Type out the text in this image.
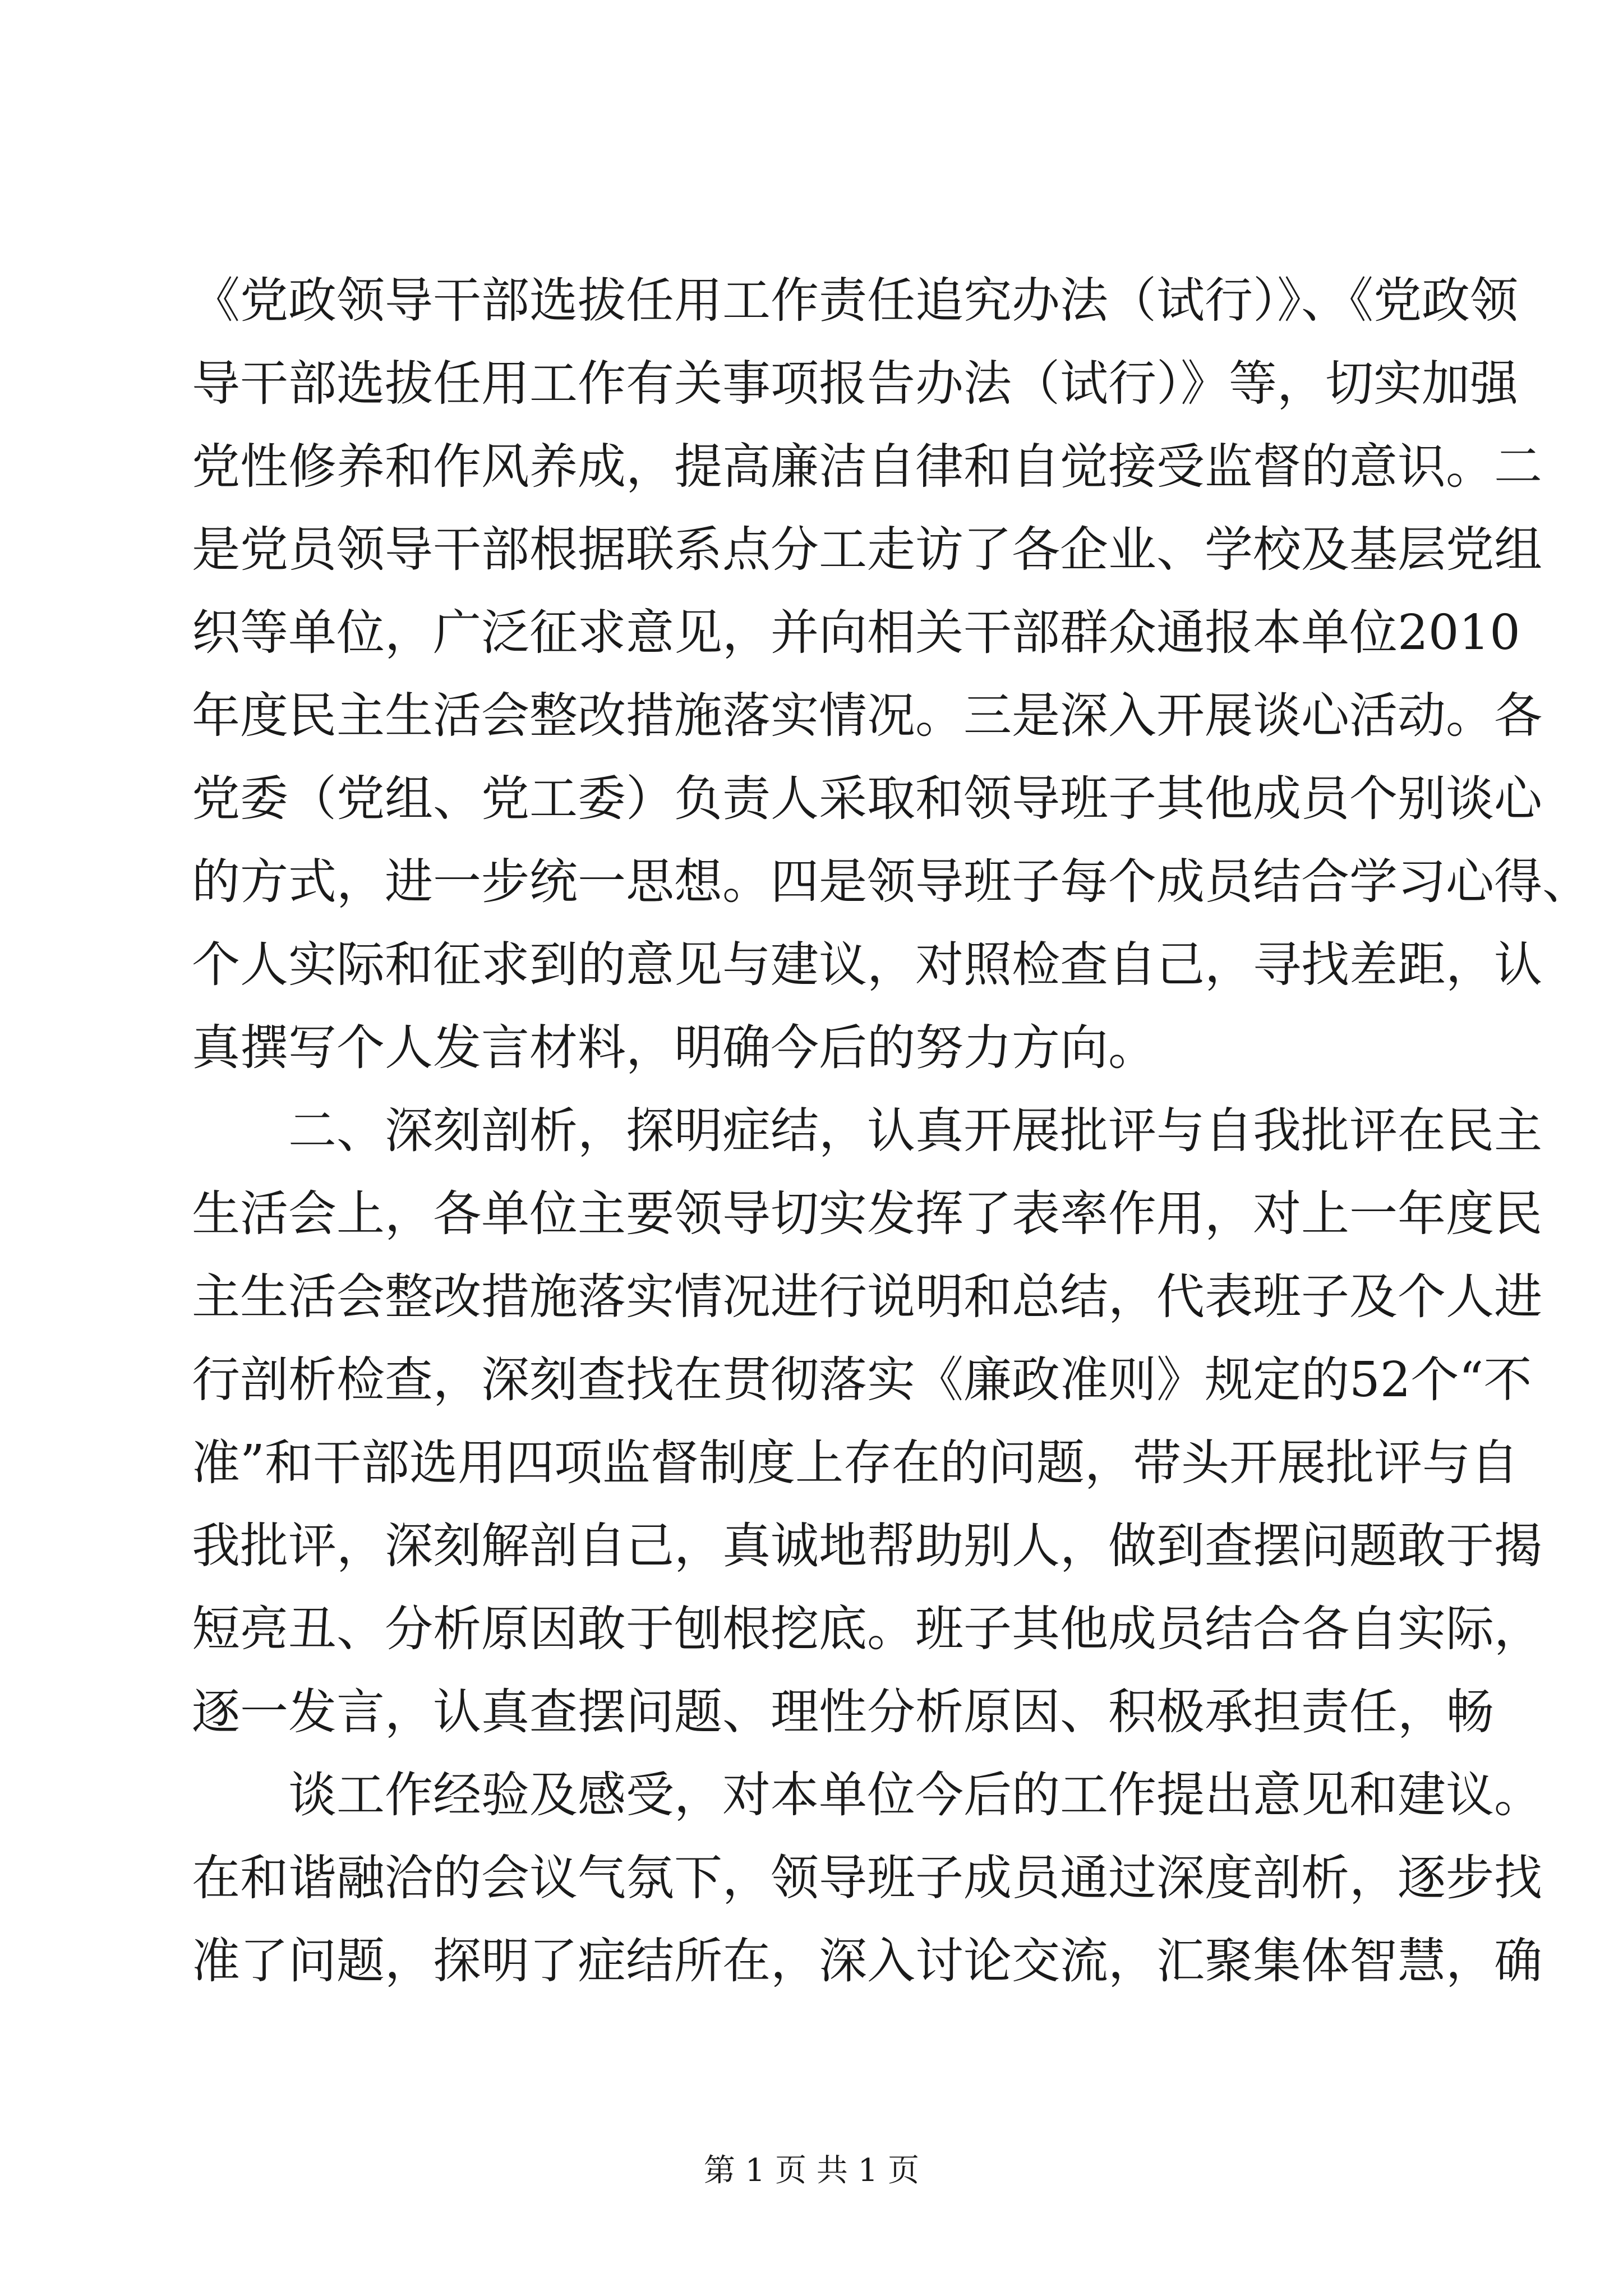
《党政领导干部选拔任用工作责任追究办法（试行）》、《党政领
导干部选拔任用工作有关事项报告办法（试行）》等，切实加强
党性修养和作风养成，提高廉洁自律和自觉接受监督的意识。二
是党员领导干部根据联系点分工走访了各企业、学校及基层党组
织等单位，广泛征求意见，并向相关干部群众通报本单位2010
年度民主生活会整改措施落实情况。三是深入开展谈心活动。各
党委（党组、党工委）负责人采取和领导班子其他成员个别谈心
的方式，进一步统一思想。四是领导班子每个成员结合学习心得、
个人实际和征求到的意见与建议，对照检查自己，寻找差距，认
真撰写个人发言材料，明确今后的努力方向。
二、深刻剖析，探明症结，认真开展批评与自我批评在民主
生活会上，各单位主要领导切实发挥了表率作用，对上一年度民
主生活会整改措施落实情况进行说明和总结，代表班子及个人进
行剖析检查，深刻查找在贯彻落实《廉政准则》规定的52个“不
准”和干部选用四项监督制度上存在的问题，带头开展批评与自
我批评，深刻解剖自己，真诚地帮助别人，做到查摆问题敢于揭
短亮丑、分析原因敢于刨根挖底。班子其他成员结合各自实际，
逐一发言，认真查摆问题、理性分析原因、积极承担责任，畅
谈工作经验及感受，对本单位今后的工作提出意见和建议。
在和谐融洽的会议气氛下，领导班子成员通过深度剖析，逐步找
准了问题，探明了症结所在，深入讨论交流，汇聚集体智慧，确
第 1 页 共 1 页
